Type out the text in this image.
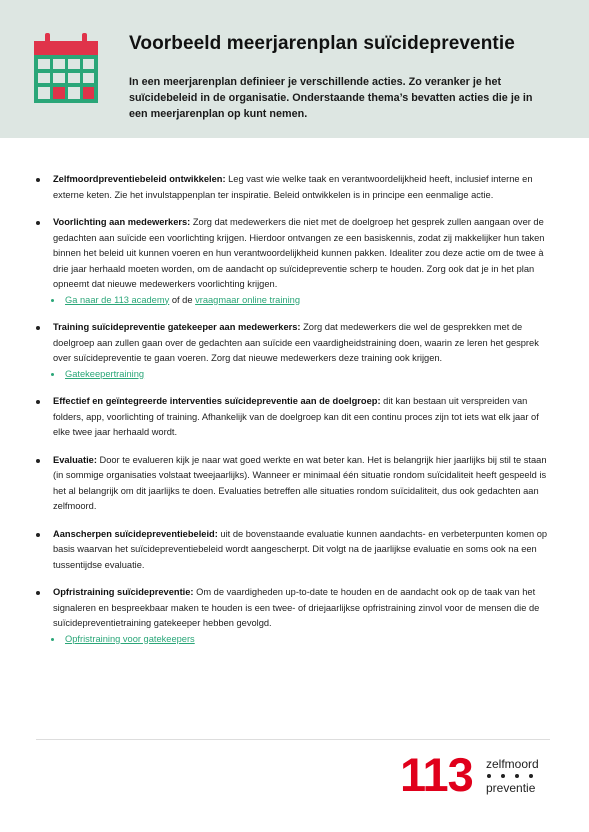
Voorbeeld meerjarenplan suïcidepreventie
In een meerjarenplan definieer je verschillende acties. Zo veranker je het suïcidebeleid in de organisatie. Onderstaande thema’s bevatten acties die je in een meerjarenplan op kunt nemen.

Zelfmoordpreventiebeleid ontwikkelen: Leg vast wie welke taak en verantwoordelijkheid heeft, inclusief interne en externe keten. Zie het invulstappenplan ter inspiratie. Beleid ontwikkelen is in principe een eenmalige actie.

Voorlichting aan medewerkers: Zorg dat medewerkers die niet met de doelgroep het gesprek zullen aangaan over de gedachten aan suïcide een voorlichting krijgen. Hierdoor ontvangen ze een basiskennis, zodat zij makkelijker hun taken binnen het beleid uit kunnen voeren en hun verantwoordelijkheid kunnen pakken. Idealiter zou deze actie om de twee à drie jaar herhaald moeten worden, om de aandacht op suïcidepreventie scherp te houden. Zorg ook dat je in het plan opneemt dat nieuwe medewerkers voorlichting krijgen.

Ga naar de 113 academy of de vraagmaar online training

Training suïcidepreventie gatekeeper aan medewerkers: Zorg dat medewerkers die wel de gesprekken met de doelgroep aan zullen gaan over de gedachten aan suïcide een vaardigheidstraining doen, waarin ze leren het gesprek over suïcidepreventie te gaan voeren. Zorg dat nieuwe medewerkers deze training ook krijgen.

Gatekeepertraining

Effectief en geïntegreerde interventies suïcidepreventie aan de doelgroep: dit kan bestaan uit verspreiden van folders, app, voorlichting of training. Afhankelijk van de doelgroep kan dit een continu proces zijn tot iets wat elk jaar of elke twee jaar herhaald wordt.

Evaluatie: Door te evalueren kijk je naar wat goed werkte en wat beter kan. Het is belangrijk hier jaarlijks bij stil te staan (in sommige organisaties volstaat tweejaarlijks). Wanneer er minimaal één situatie rondom suïcidaliteit heeft gespeeld is het al belangrijk om dit jaarlijks te doen. Evaluaties betreffen alle situaties rondom suïcidaliteit, dus ook gedachten aan zelfmoord.

Aanscherpen suïcidepreventiebeleid: uit de bovenstaande evaluatie kunnen aandachts- en verbeterpunten komen op basis waarvan het suïcidepreventiebeleid wordt aangescherpt. Dit volgt na de jaarlijkse evaluatie en soms ook na een tussentijdse evaluatie.

Opfristraining suïcidepreventie: Om de vaardigheden up-to-date te houden en de aandacht ook op de taak van het signaleren en bespreekbaar maken te houden is een twee- of driejaarlijkse opfristraining zinvol voor de mensen die de suïcidepreventietraining gatekeeper hebben gevolgd.

Opfristraining voor gatekeepers
113 zelfmoord
preventie
